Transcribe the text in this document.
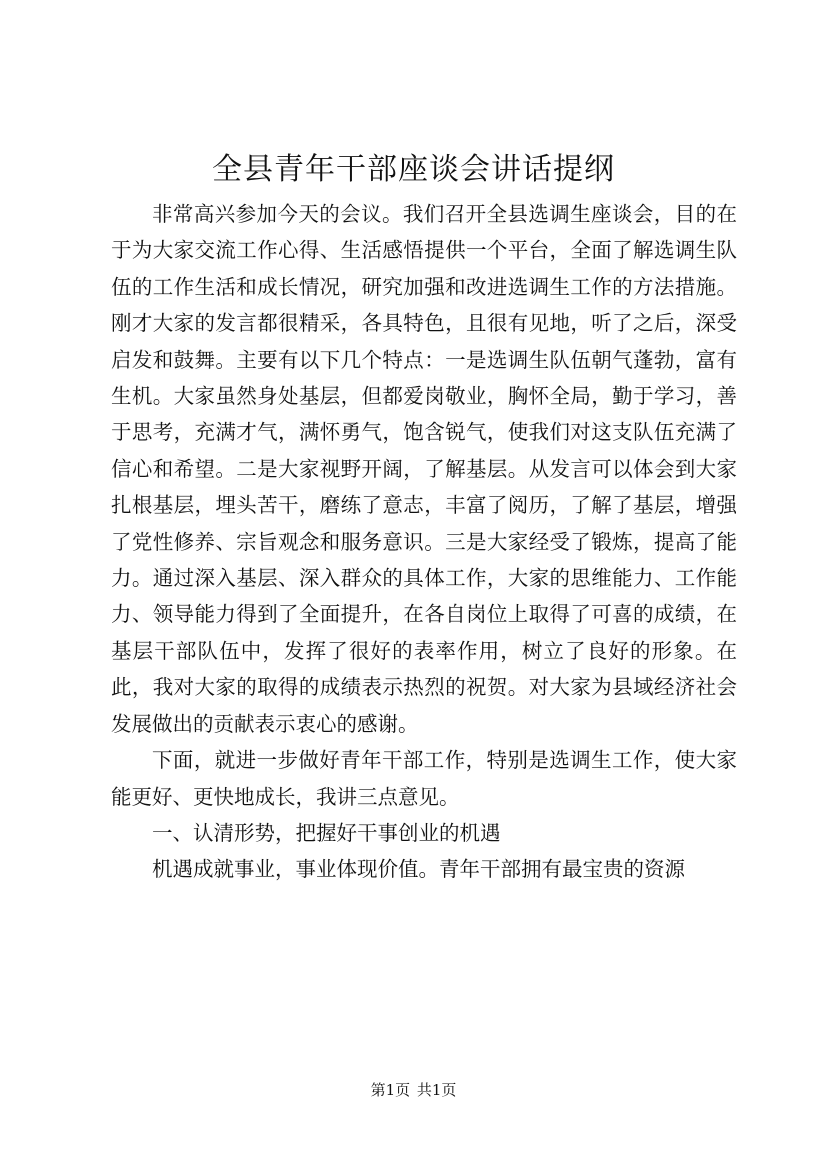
全县青年干部座谈会讲话提纲

非常高兴参加今天的会议。我们召开全县选调生座谈会，目的在于为大家交流工作心得、生活感悟提供一个平台，全面了解选调生队伍的工作生活和成长情况，研究加强和改进选调生工作的方法措施。刚才大家的发言都很精采，各具特色，且很有见地，听了之后，深受启发和鼓舞。主要有以下几个特点：一是选调生队伍朝气蓬勃，富有生机。大家虽然身处基层，但都爱岗敬业，胸怀全局，勤于学习，善于思考，充满才气，满怀勇气，饱含锐气，使我们对这支队伍充满了信心和希望。二是大家视野开阔，了解基层。从发言可以体会到大家扎根基层，埋头苦干，磨练了意志，丰富了阅历，了解了基层，增强了党性修养、宗旨观念和服务意识。三是大家经受了锻炼，提高了能力。通过深入基层、深入群众的具体工作，大家的思维能力、工作能力、领导能力得到了全面提升，在各自岗位上取得了可喜的成绩，在基层干部队伍中，发挥了很好的表率作用，树立了良好的形象。在此，我对大家的取得的成绩表示热烈的祝贺。对大家为县域经济社会发展做出的贡献表示衷心的感谢。

下面，就进一步做好青年干部工作，特别是选调生工作，使大家能更好、更快地成长，我讲三点意见。

一、认清形势，把握好干事创业的机遇

机遇成就事业，事业体现价值。青年干部拥有最宝贵的资源

第1页 共1页
